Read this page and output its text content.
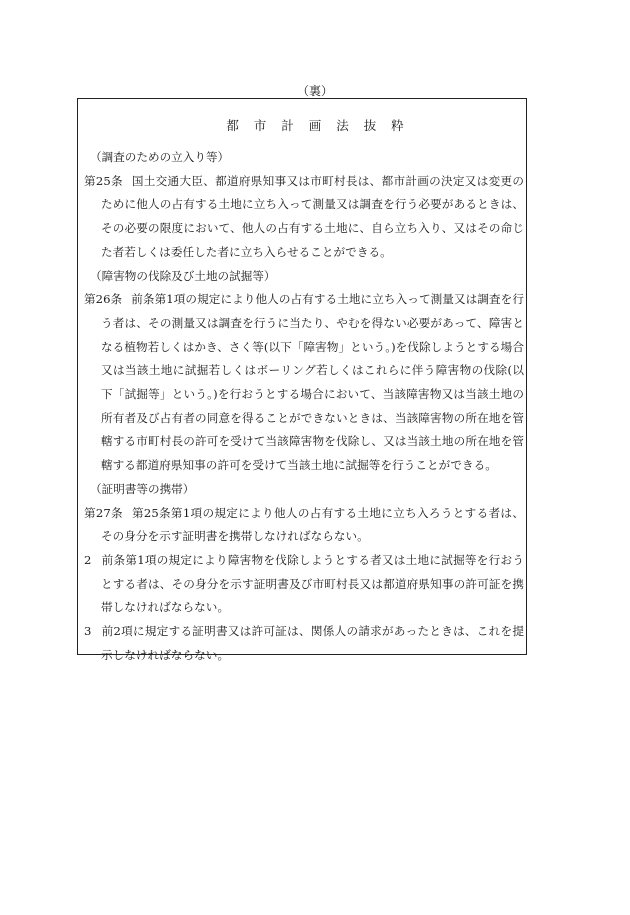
（裏）
都 市 計 画 法 抜 粋

（調査のための立入り等）

第25条 国土交通大臣、都道府県知事又は市町村長は、都市計画の決定又は変更のために他人の占有する土地に立ち入って測量又は調査を行う必要があるときは、その必要の限度において、他人の占有する土地に、自ら立ち入り、又はその命じた者若しくは委任した者に立ち入らせることができる。

（障害物の伐除及び土地の試掘等）

第26条 前条第1項の規定により他人の占有する土地に立ち入って測量又は調査を行う者は、その測量又は調査を行うに当たり、やむを得ない必要があって、障害となる植物若しくはかき、さく等(以下「障害物」という。)を伐除しようとする場合又は当該土地に試掘若しくはボーリング若しくはこれらに伴う障害物の伐除(以下「試掘等」という。)を行おうとする場合において、当該障害物又は当該土地の所有者及び占有者の同意を得ることができないときは、当該障害物の所在地を管轄する市町村長の許可を受けて当該障害物を伐除し、又は当該土地の所在地を管轄する都道府県知事の許可を受けて当該土地に試掘等を行うことができる。

（証明書等の携帯）

第27条 第25条第1項の規定により他人の占有する土地に立ち入ろうとする者は、その身分を示す証明書を携帯しなければならない。

2 前条第1項の規定により障害物を伐除しようとする者又は土地に試掘等を行おうとする者は、その身分を示す証明書及び市町村長又は都道府県知事の許可証を携帯しなければならない。

3 前2項に規定する証明書又は許可証は、関係人の請求があったときは、これを提示しなければならない。
